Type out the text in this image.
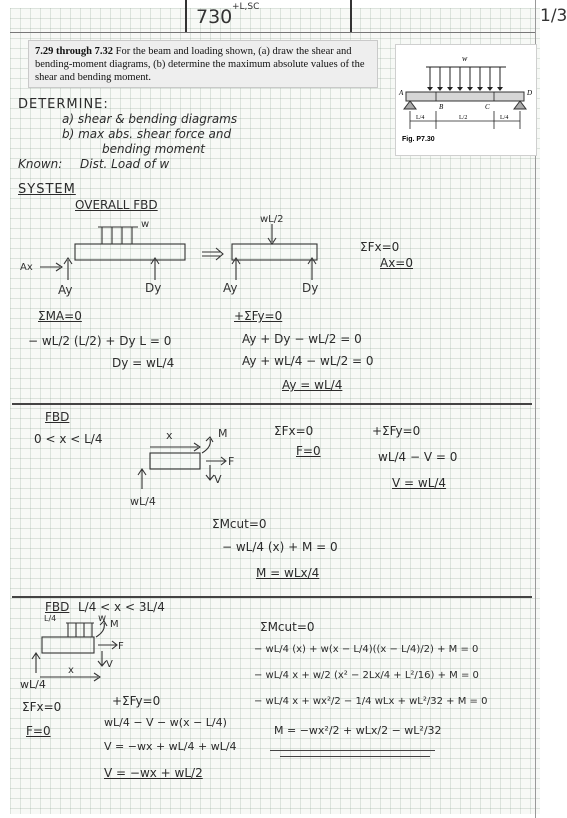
730 +L,SC	1/3
7.29 through 7.32 For the beam and loading shown, (a) draw the shear and bending-moment diagrams, (b) determine the maximum absolute values of the shear and bending moment.
w
A
B	C
D
L/4	L/2	L/4
Fig. P7.30
DETERMINE:
a) shear & bending diagrams
b) max abs. shear force and
bending moment
Known: Dist. Load of w
SYSTEM
OVERALL FBD
w
Ax
Ay	Dy
wL/2
Ay	Dy
ΣFx=0
Ax=0
ΣMA=0
− wL/2 (L/2) + Dy L = 0
Dy = wL/4
+ΣFy=0
Ay + Dy − wL/2 = 0
Ay + wL/4 − wL/2 = 0
Ay = wL/4
FBD
0 < x < L/4	x	M
F
V
wL/4
ΣFx=0
F=0
+ΣFy=0
wL/4 − V = 0
V = wL/4
ΣMcut=0
− wL/4 (x) + M = 0
M = wLx/4
FBD L/4 < x < 3L/4
w
L/4
M
F
V
x
wL/4
ΣFx=0
F=0
+ΣFy=0
wL/4 − V − w(x − L/4)
V = −wx + wL/4 + wL/4
V = −wx + wL/2
ΣMcut=0
− wL/4 (x) + w(x − L/4)((x − L/4)/2) + M = 0
− wL/4 x + w/2 (x² − 2Lx/4 + L²/16) + M = 0
− wL/4 x + wx²/2 − 1/4 wLx + wL²/32 + M = 0
M = −wx²/2 + wLx/2 − wL²/32
